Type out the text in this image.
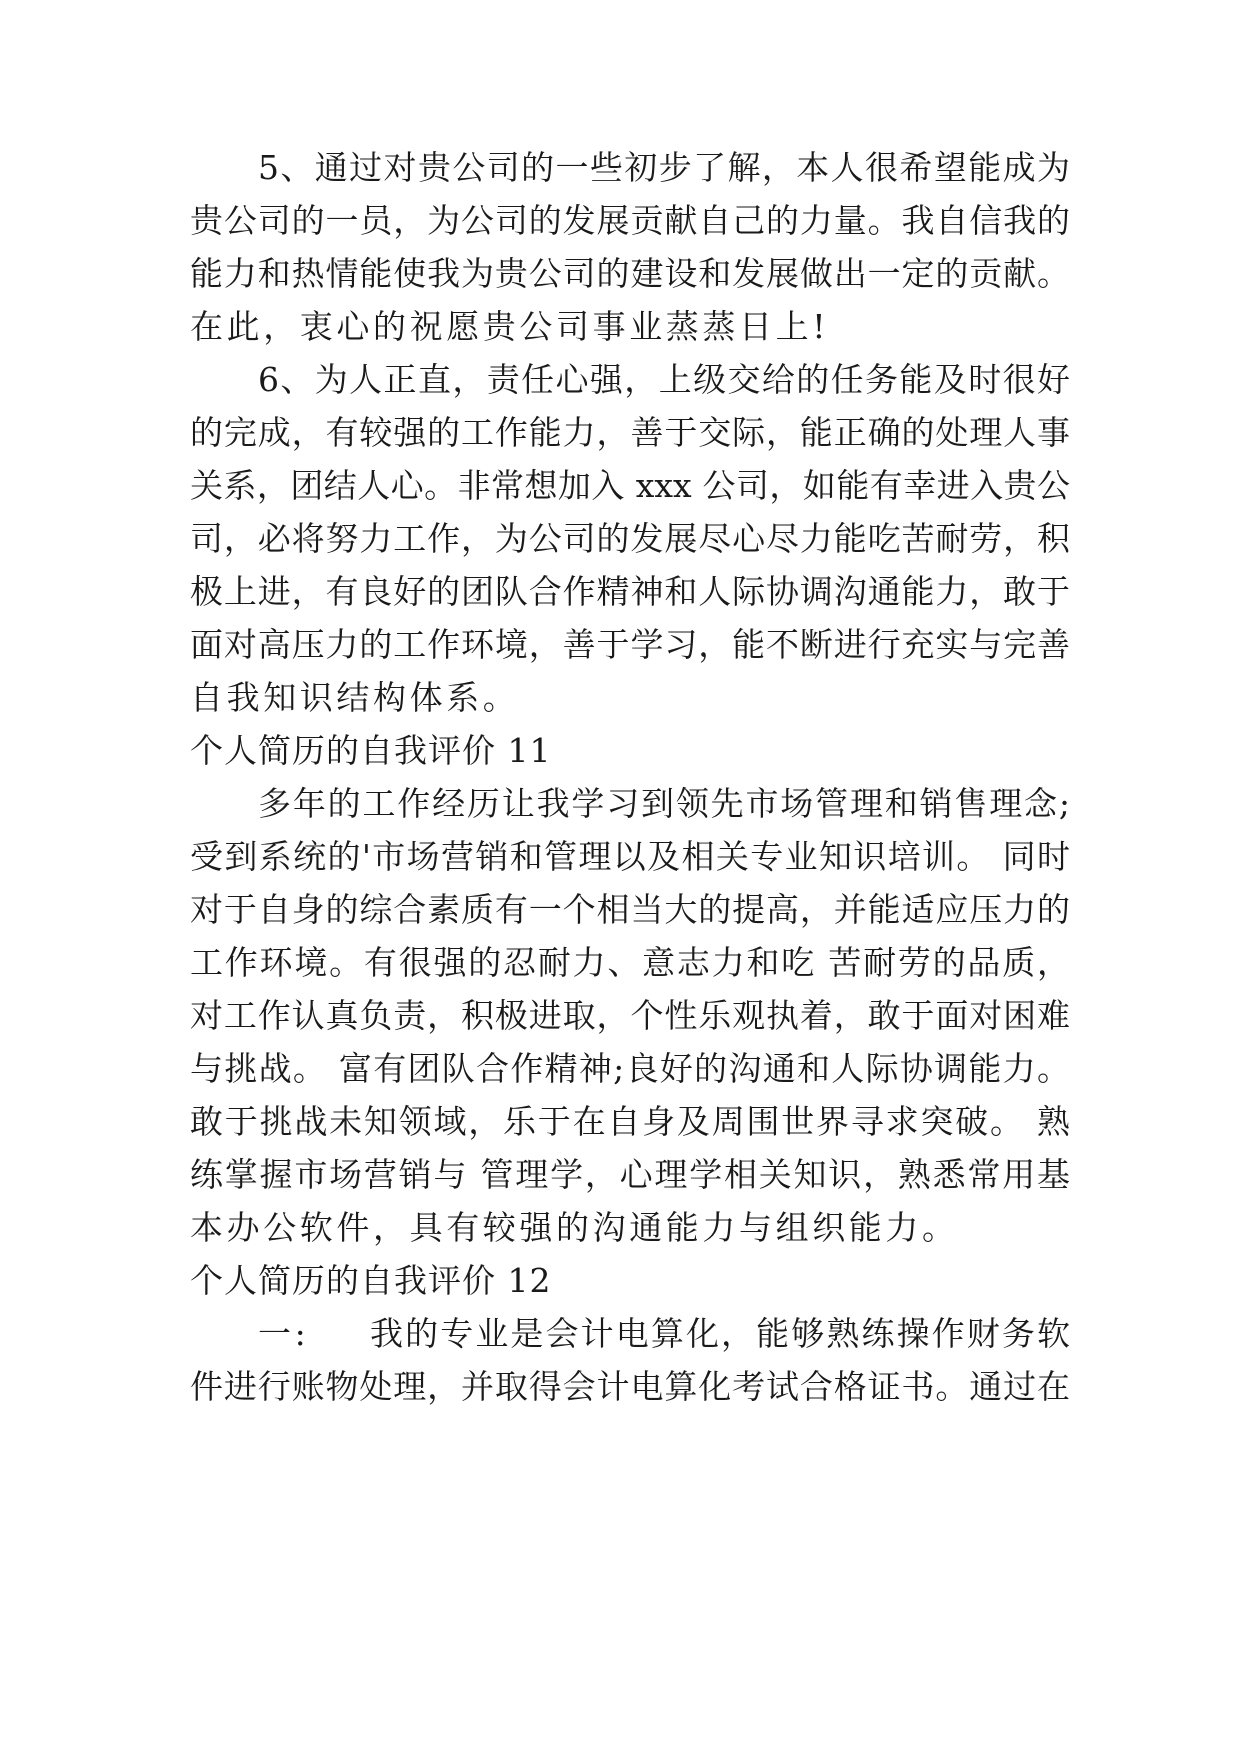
5、通过对贵公司的一些初步了解，本人很希望能成为
贵公司的一员，为公司的发展贡献自己的力量。我自信我的
能力和热情能使我为贵公司的建设和发展做出一定的贡献。
在此，衷心的祝愿贵公司事业蒸蒸日上!
6、为人正直，责任心强，上级交给的任务能及时很好
的完成，有较强的工作能力，善于交际，能正确的处理人事
关系，团结人心。非常想加入 xxx 公司，如能有幸进入贵公
司，必将努力工作，为公司的发展尽心尽力能吃苦耐劳，积
极上进，有良好的团队合作精神和人际协调沟通能力，敢于
面对高压力的工作环境，善于学习，能不断进行充实与完善
自我知识结构体系。
个人简历的自我评价 11
多年的工作经历让我学习到领先市场管理和销售理念;
受到系统的'市场营销和管理以及相关专业知识培训。 同时
对于自身的综合素质有一个相当大的提高，并能适应压力的
工作环境。有很强的忍耐力、意志力和吃 苦耐劳的品质，
对工作认真负责，积极进取，个性乐观执着，敢于面对困难
与挑战。 富有团队合作精神;良好的沟通和人际协调能力。
敢于挑战未知领域，乐于在自身及周围世界寻求突破。 熟
练掌握市场营销与 管理学，心理学相关知识，熟悉常用基
本办公软件，具有较强的沟通能力与组织能力。
个人简历的自我评价 12
一:	我的专业是会计电算化，能够熟练操作财务软
件进行账物处理，并取得会计电算化考试合格证书。通过在
